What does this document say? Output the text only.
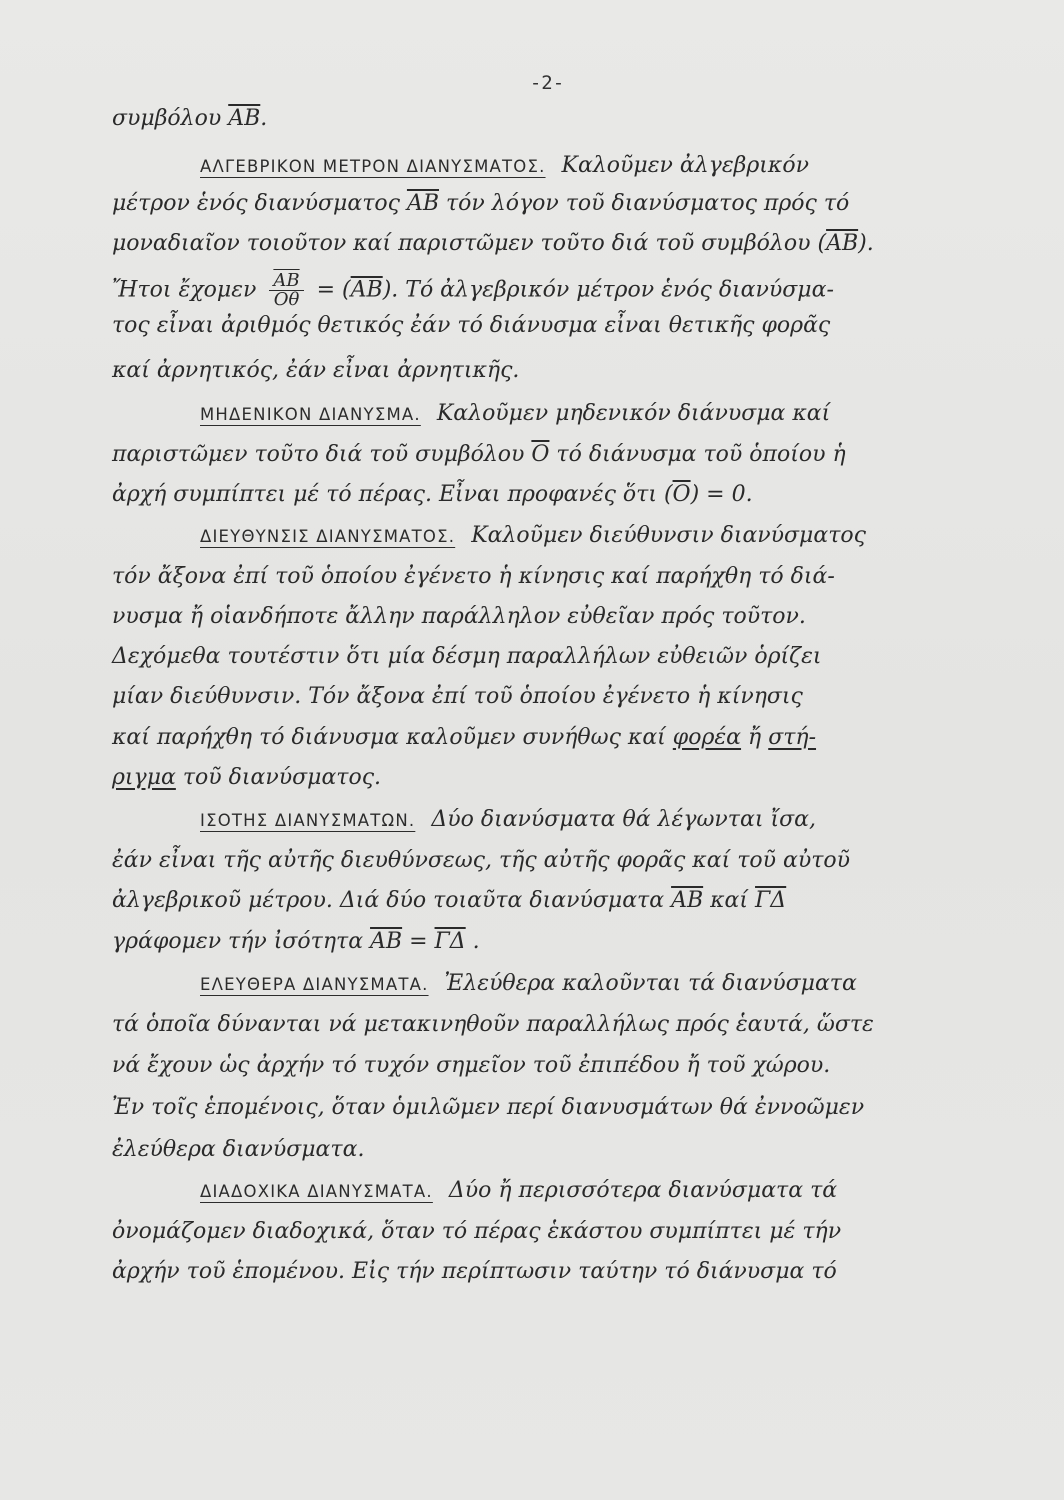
-2-
συμβόλου $\overline{AB}$.
ΑΛΓΕΒΡΙΚΟΝ ΜΕΤΡΟΝ ΔΙΑΝΥΣΜΑΤΟΣ. Καλοῦμεν ἀλγεβρικόν
μέτρον ἑνός διανύσματος $\overline{AB}$ τόν λόγον τοῦ διανύσματος πρός τό
μοναδιαῖον τοιοῦτον καί παριστῶμεν τοῦτο διά τοῦ συμβόλου $(\overline{AB})$.
Ἤτοι ἔχομεν $\frac{\overline{AB}}{O\theta} = (\overline{AB})$. Τό ἀλγεβρικόν μέτρον ἑνός διανύσμα-
τος εἶναι ἀριθμός θετικός ἐάν τό διάνυσμα εἶναι θετικῆς φορᾶς
καί ἀρνητικός, ἐάν εἶναι ἀρνητικῆς.
ΜΗΔΕΝΙΚΟΝ ΔΙΑΝΥΣΜΑ. Καλοῦμεν μηδενικόν διάνυσμα καί
παριστῶμεν τοῦτο διά τοῦ συμβόλου $\overline{O}$ τό διάνυσμα τοῦ ὁποίου ἡ
ἀρχή συμπίπτει μέ τό πέρας. Εἶναι προφανές ὅτι $(\overline{O}) = 0$.
ΔΙΕΥΘΥΝΣΙΣ ΔΙΑΝΥΣΜΑΤΟΣ. Καλοῦμεν διεύθυνσιν διανύσματος
τόν ἄξονα ἐπί τοῦ ὁποίου ἐγένετο ἡ κίνησις καί παρήχθη τό διά-
νυσμα ἤ οἱανδήποτε ἄλλην παράλληλον εὐθεῖαν πρός τοῦτον.
Δεχόμεθα τουτέστιν ὅτι μία δέσμη παραλλήλων εὐθειῶν ὁρίζει
μίαν διεύθυνσιν. Τόν ἄξονα ἐπί τοῦ ὁποίου ἐγένετο ἡ κίνησις
καί παρήχθη τό διάνυσμα καλοῦμεν συνήθως καί φορέα ἤ στή-
ριγμα τοῦ διανύσματος.
ΙΣΟΤΗΣ ΔΙΑΝΥΣΜΑΤΩΝ. Δύο διανύσματα θά λέγωνται ἴσα,
ἐάν εἶναι τῆς αὐτῆς διευθύνσεως, τῆς αὐτῆς φορᾶς καί τοῦ αὐτοῦ
ἀλγεβρικοῦ μέτρου. Διά δύο τοιαῦτα διανύσματα $\overline{AB}$ καί $\overline{\Gamma\Delta}$
γράφομεν τήν ἰσότητα $\overline{AB} = \overline{\Gamma\Delta}$ .
ΕΛΕΥΘΕΡΑ ΔΙΑΝΥΣΜΑΤΑ. Ἐλεύθερα καλοῦνται τά διανύσματα
τά ὁποῖα δύνανται νά μετακινηθοῦν παραλλήλως πρός ἑαυτά, ὥστε
νά ἔχουν ὡς ἀρχήν τό τυχόν σημεῖον τοῦ ἐπιπέδου ἤ τοῦ χώρου.
Ἐν τοῖς ἑπομένοις, ὅταν ὁμιλῶμεν περί διανυσμάτων θά ἐννοῶμεν
ἐλεύθερα διανύσματα.
ΔΙΑΔΟΧΙΚΑ ΔΙΑΝΥΣΜΑΤΑ. Δύο ἤ περισσότερα διανύσματα τά
ὀνομάζομεν διαδοχικά, ὅταν τό πέρας ἑκάστου συμπίπτει μέ τήν
ἀρχήν τοῦ ἑπομένου. Εἰς τήν περίπτωσιν ταύτην τό διάνυσμα τό
